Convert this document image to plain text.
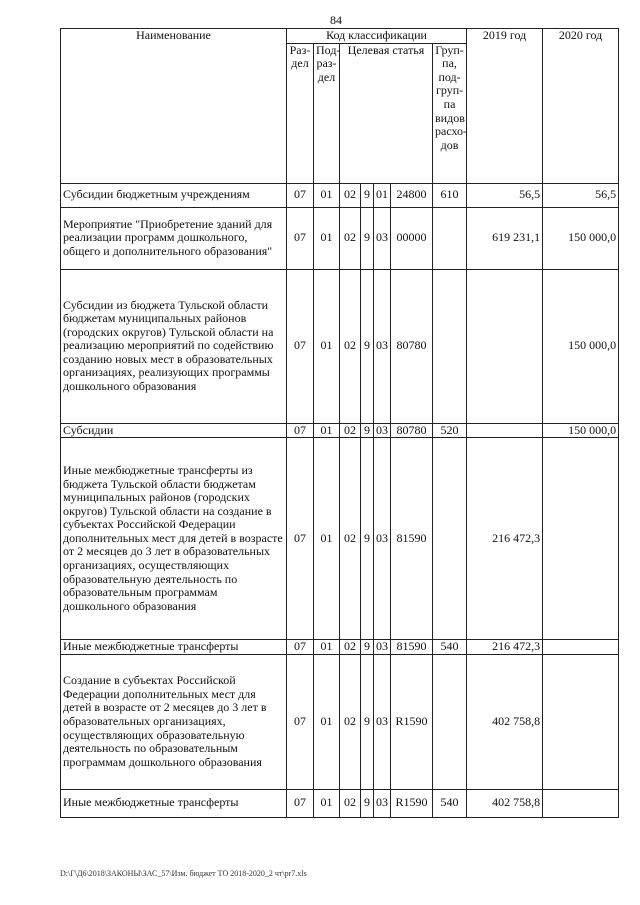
84
Наименование	Код классификации							2019 год	2020 год
	Раз- дел	Под- раз- дел	Целевая статья				Груп- па, под- груп- па видов расхо- дов		
Субсидии бюджетным учреждениям	07	01	02	9	01	24800	610	56,5	56,5
Мероприятие "Приобретение зданий для реализации программ дошкольного, общего и дополнительного образования"	07	01	02	9	03	00000		619 231,1	150 000,0
Субсидии из бюджета Тульской области бюджетам муниципальных районов (городских округов) Тульской области на реализацию мероприятий по содействию созданию новых мест в образовательных организациях, реализующих программы дошкольного образования	07	01	02	9	03	80780			150 000,0
Субсидии	07	01	02	9	03	80780	520		150 000,0
Иные межбюджетные трансферты из бюджета Тульской области бюджетам муниципальных районов (городских округов) Тульской области на создание в субъектах Российской Федерации дополнительных мест для детей в возрасте от 2 месяцев до 3 лет в образовательных организациях, осуществляющих образовательную деятельность по образовательным программам дошкольного образования	07	01	02	9	03	81590		216 472,3	
Иные межбюджетные трансферты	07	01	02	9	03	81590	540	216 472,3	
Создание в субъектах Российской Федерации дополнительных мест для детей в возрасте от 2 месяцев до 3 лет в образовательных организациях, осуществляющих образовательную деятельность по образовательным программам дошкольного образования	07	01	02	9	03	R1590		402 758,8	
Иные межбюджетные трансферты	07	01	02	9	03	R1590	540	402 758,8	
D:\Г\Д6\2018\ЗАКОНЫ\ЗАС_57\Изм. бюджет ТО 2018-2020_2 чт\pr7.xls
